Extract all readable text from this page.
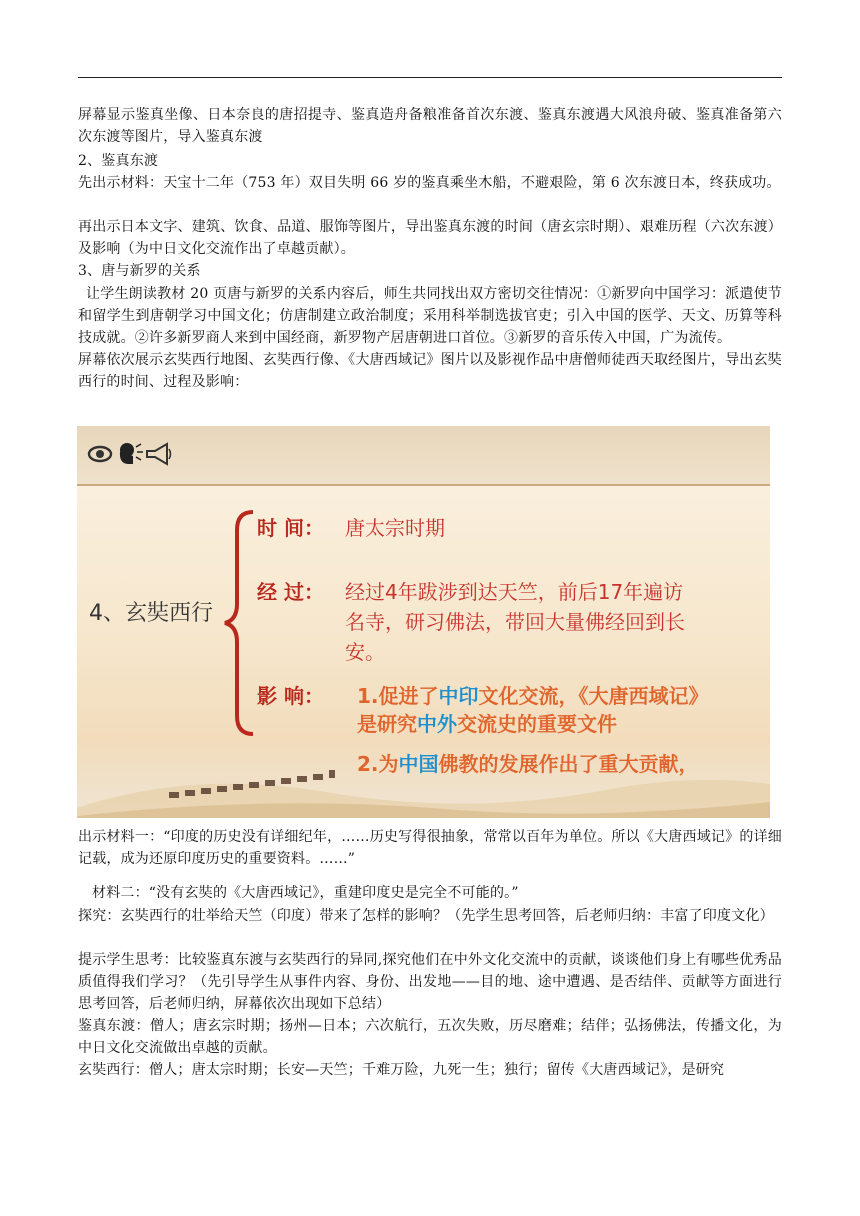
屏幕显示鉴真坐像、日本奈良的唐招提寺、鉴真造舟备粮准备首次东渡、鉴真东渡遇大风浪舟破、鉴真准备第六次东渡等图片，导入鉴真东渡

2、鉴真东渡

先出示材料：天宝十二年（753 年）双目失明 66 岁的鉴真乘坐木船，不避艰险，第 6 次东渡日本，终获成功。

再出示日本文字、建筑、饮食、品道、服饰等图片，导出鉴真东渡的时间（唐玄宗时期）、艰难历程（六次东渡）及影响（为中日文化交流作出了卓越贡献）。

3、唐与新罗的关系

让学生朗读教材 20 页唐与新罗的关系内容后，师生共同找出双方密切交往情况：①新罗向中国学习：派遣使节和留学生到唐朝学习中国文化；仿唐制建立政治制度；采用科举制选拔官吏；引入中国的医学、天文、历算等科技成就。②许多新罗商人来到中国经商，新罗物产居唐朝进口首位。③新罗的音乐传入中国，广为流传。

屏幕依次展示玄奘西行地图、玄奘西行像、《大唐西域记》图片以及影视作品中唐僧师徒西天取经图片，导出玄奘西行的时间、过程及影响：

4、玄奘西行
时 间： 唐太宗时期
经 过： 经过4年跋涉到达天竺，前后17年遍访
名寺，研习佛法，带回大量佛经回到长
安。
影 响： 1.促进了中印文化交流，《大唐西域记》
是研究中外交流史的重要文件
2.为中国佛教的发展作出了重大贡献，

出示材料一：“印度的历史没有详细纪年，……历史写得很抽象，常常以百年为单位。所以《大唐西域记》的详细记载，成为还原印度历史的重要资料。……”

材料二：“没有玄奘的《大唐西域记》，重建印度史是完全不可能的。”

探究：玄奘西行的壮举给天竺（印度）带来了怎样的影响？（先学生思考回答，后老师归纳：丰富了印度文化）

提示学生思考：比较鉴真东渡与玄奘西行的异同,探究他们在中外文化交流中的贡献，谈谈他们身上有哪些优秀品质值得我们学习？（先引导学生从事件内容、身份、出发地——目的地、途中遭遇、是否结伴、贡献等方面进行思考回答，后老师归纳，屏幕依次出现如下总结）

鉴真东渡：僧人；唐玄宗时期；扬州—日本；六次航行，五次失败，历尽磨难；结伴；弘扬佛法，传播文化，为中日文化交流做出卓越的贡献。

玄奘西行：僧人；唐太宗时期；长安—天竺；千难万险，九死一生；独行；留传《大唐西域记》，是研究
